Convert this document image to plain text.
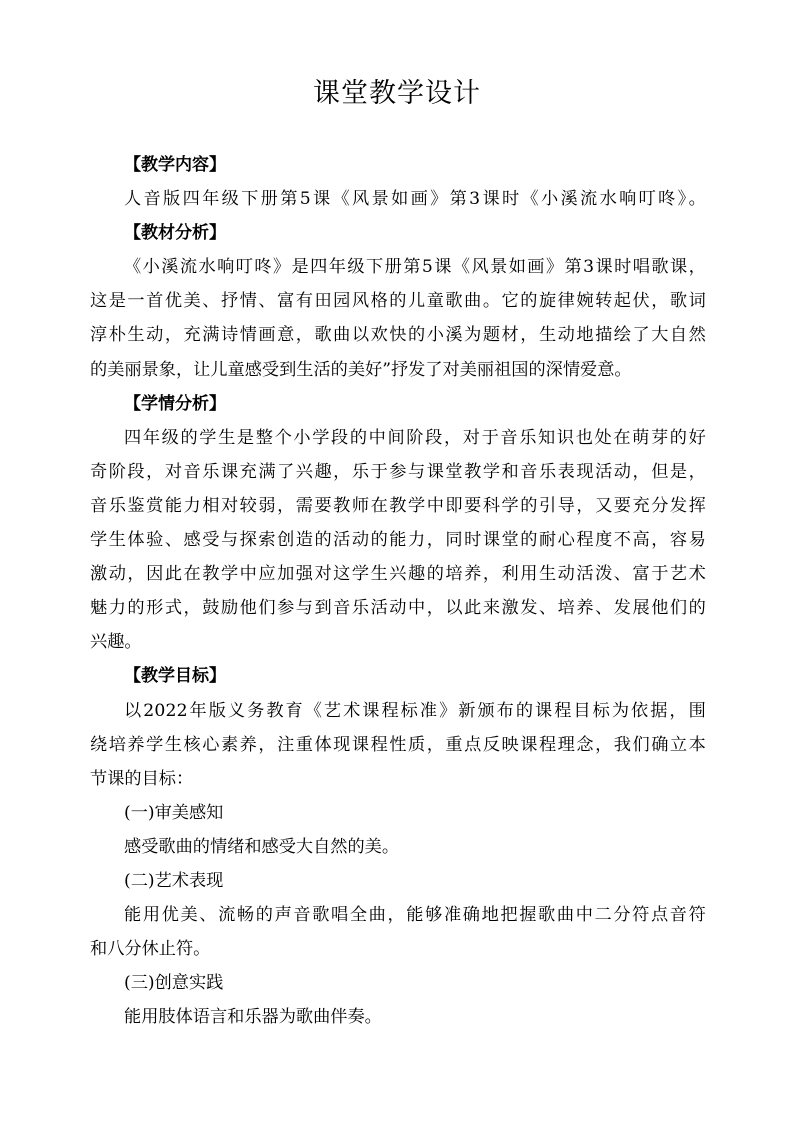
课堂教学设计
【教学内容】
人音版四年级下册第5课《风景如画》第3课时《小溪流水响叮咚》。
【教材分析】
《小溪流水响叮咚》是四年级下册第5课《风景如画》第3课时唱歌课，
这是一首优美、抒情、富有田园风格的儿童歌曲。它的旋律婉转起伏，歌词
淳朴生动，充满诗情画意，歌曲以欢快的小溪为题材，生动地描绘了大自然
的美丽景象，让儿童感受到生活的美好”抒发了对美丽祖国的深情爱意。
【学情分析】
四年级的学生是整个小学段的中间阶段，对于音乐知识也处在萌芽的好
奇阶段，对音乐课充满了兴趣，乐于参与课堂教学和音乐表现活动，但是，
音乐鉴赏能力相对较弱，需要教师在教学中即要科学的引导，又要充分发挥
学生体验、感受与探索创造的活动的能力，同时课堂的耐心程度不高，容易
激动，因此在教学中应加强对这学生兴趣的培养，利用生动活泼、富于艺术
魅力的形式，鼓励他们参与到音乐活动中，以此来激发、培养、发展他们的
兴趣。
【教学目标】
以2022年版义务教育《艺术课程标准》新颁布的课程目标为依据，围
绕培养学生核心素养，注重体现课程性质，重点反映课程理念，我们确立本
节课的目标：
(一)审美感知
感受歌曲的情绪和感受大自然的美。
(二)艺术表现
能用优美、流畅的声音歌唱全曲，能够准确地把握歌曲中二分符点音符
和八分休止符。
(三)创意实践
能用肢体语言和乐器为歌曲伴奏。
